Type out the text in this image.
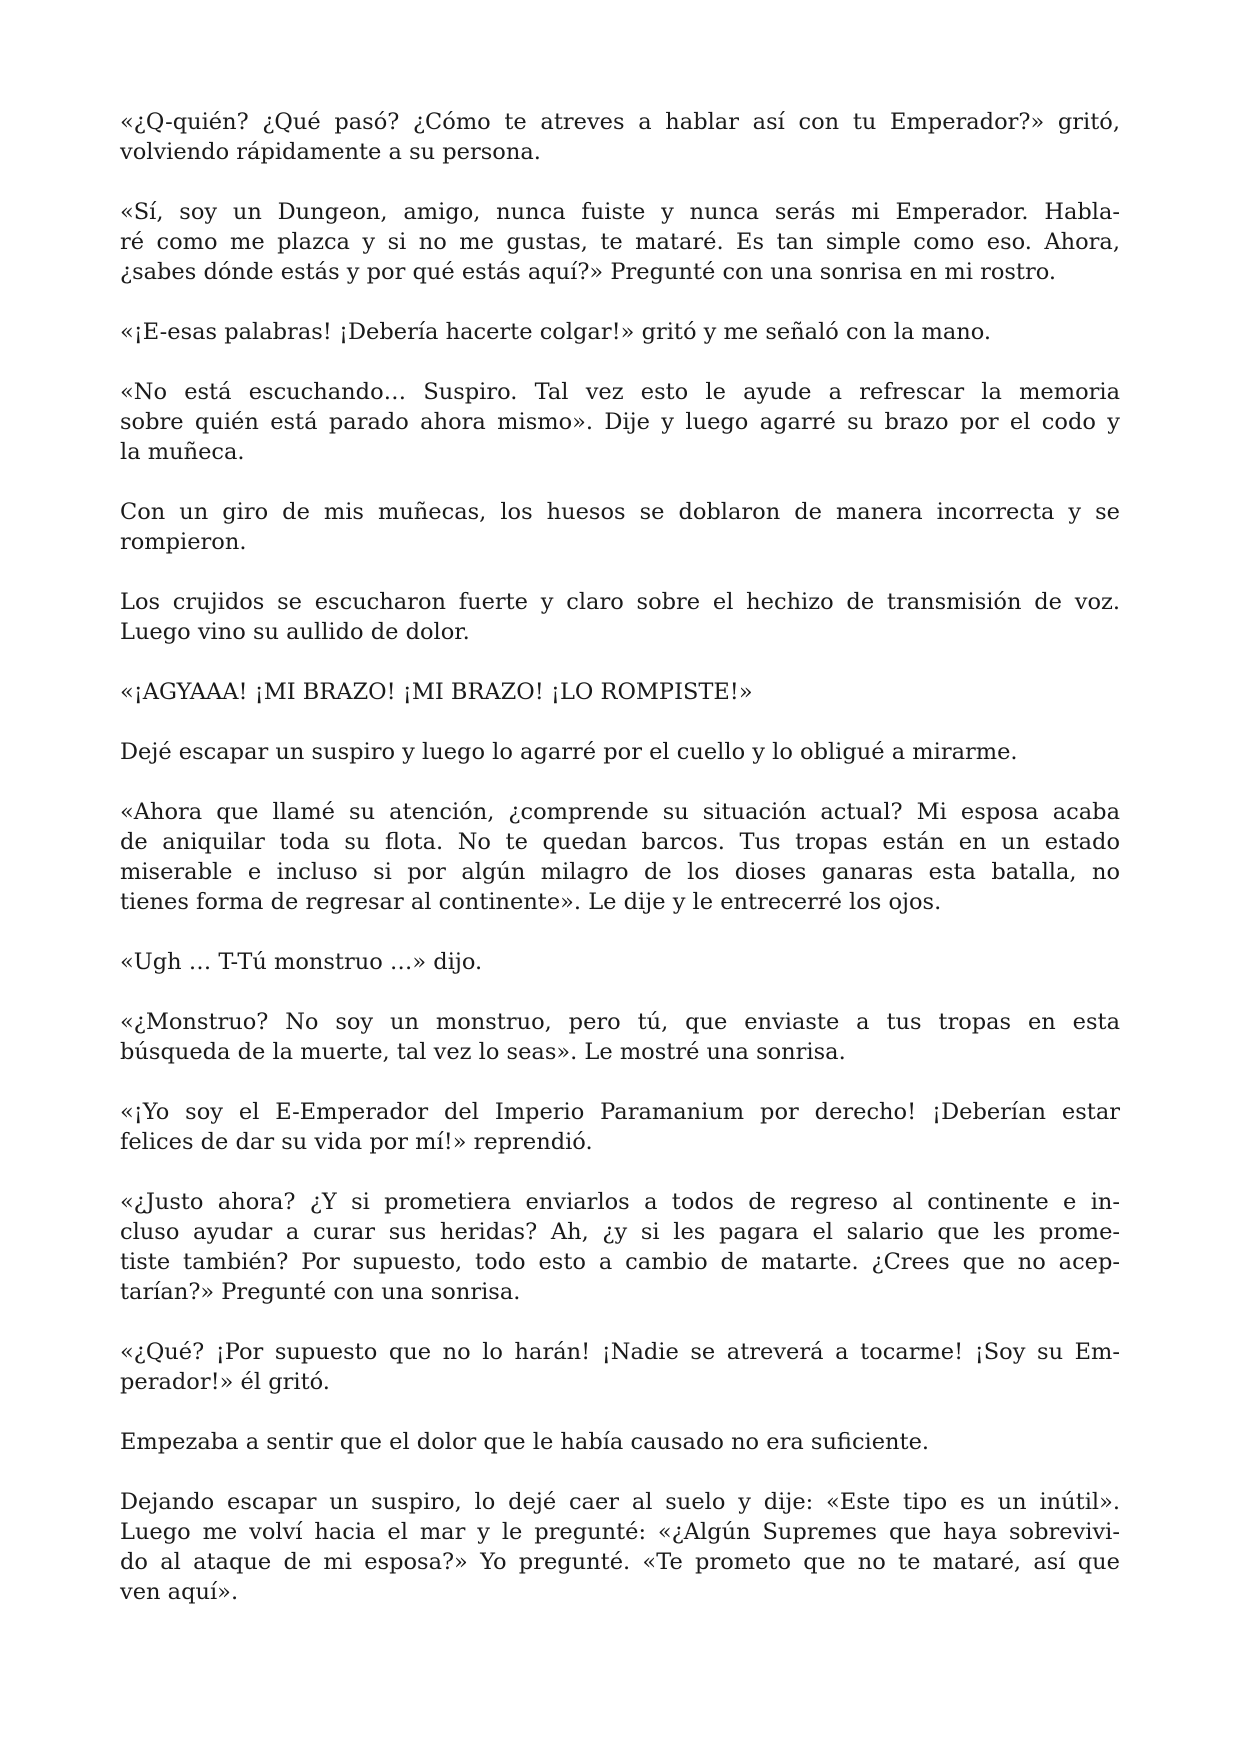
«¿Q-quién? ¿Qué pasó? ¿Cómo te atreves a hablar así con tu Emperador?» gritó,
volviendo rápidamente a su persona.

«Sí, soy un Dungeon, amigo, nunca fuiste y nunca serás mi Emperador. Habla-
ré como me plazca y si no me gustas, te mataré. Es tan simple como eso. Ahora,
¿sabes dónde estás y por qué estás aquí?» Pregunté con una sonrisa en mi rostro.

«¡E-esas palabras! ¡Debería hacerte colgar!» gritó y me señaló con la mano.

«No está escuchando… Suspiro. Tal vez esto le ayude a refrescar la memoria
sobre quién está parado ahora mismo». Dije y luego agarré su brazo por el codo y
la muñeca.

Con un giro de mis muñecas, los huesos se doblaron de manera incorrecta y se
rompieron.

Los crujidos se escucharon fuerte y claro sobre el hechizo de transmisión de voz.
Luego vino su aullido de dolor.

«¡AGYAAA! ¡MI BRAZO! ¡MI BRAZO! ¡LO ROMPISTE!»

Dejé escapar un suspiro y luego lo agarré por el cuello y lo obligué a mirarme.

«Ahora que llamé su atención, ¿comprende su situación actual? Mi esposa acaba
de aniquilar toda su flota. No te quedan barcos. Tus tropas están en un estado
miserable e incluso si por algún milagro de los dioses ganaras esta batalla, no
tienes forma de regresar al continente». Le dije y le entrecerré los ojos.

«Ugh … T-Tú monstruo …» dijo.

«¿Monstruo? No soy un monstruo, pero tú, que enviaste a tus tropas en esta
búsqueda de la muerte, tal vez lo seas». Le mostré una sonrisa.

«¡Yo soy el E-Emperador del Imperio Paramanium por derecho! ¡Deberían estar
felices de dar su vida por mí!» reprendió.

«¿Justo ahora? ¿Y si prometiera enviarlos a todos de regreso al continente e in-
cluso ayudar a curar sus heridas? Ah, ¿y si les pagara el salario que les prome-
tiste también? Por supuesto, todo esto a cambio de matarte. ¿Crees que no acep-
tarían?» Pregunté con una sonrisa.

«¿Qué? ¡Por supuesto que no lo harán! ¡Nadie se atreverá a tocarme! ¡Soy su Em-
perador!» él gritó.

Empezaba a sentir que el dolor que le había causado no era suficiente.

Dejando escapar un suspiro, lo dejé caer al suelo y dije: «Este tipo es un inútil».
Luego me volví hacia el mar y le pregunté: «¿Algún Supremes que haya sobrevivi-
do al ataque de mi esposa?» Yo pregunté. «Te prometo que no te mataré, así que
ven aquí».
